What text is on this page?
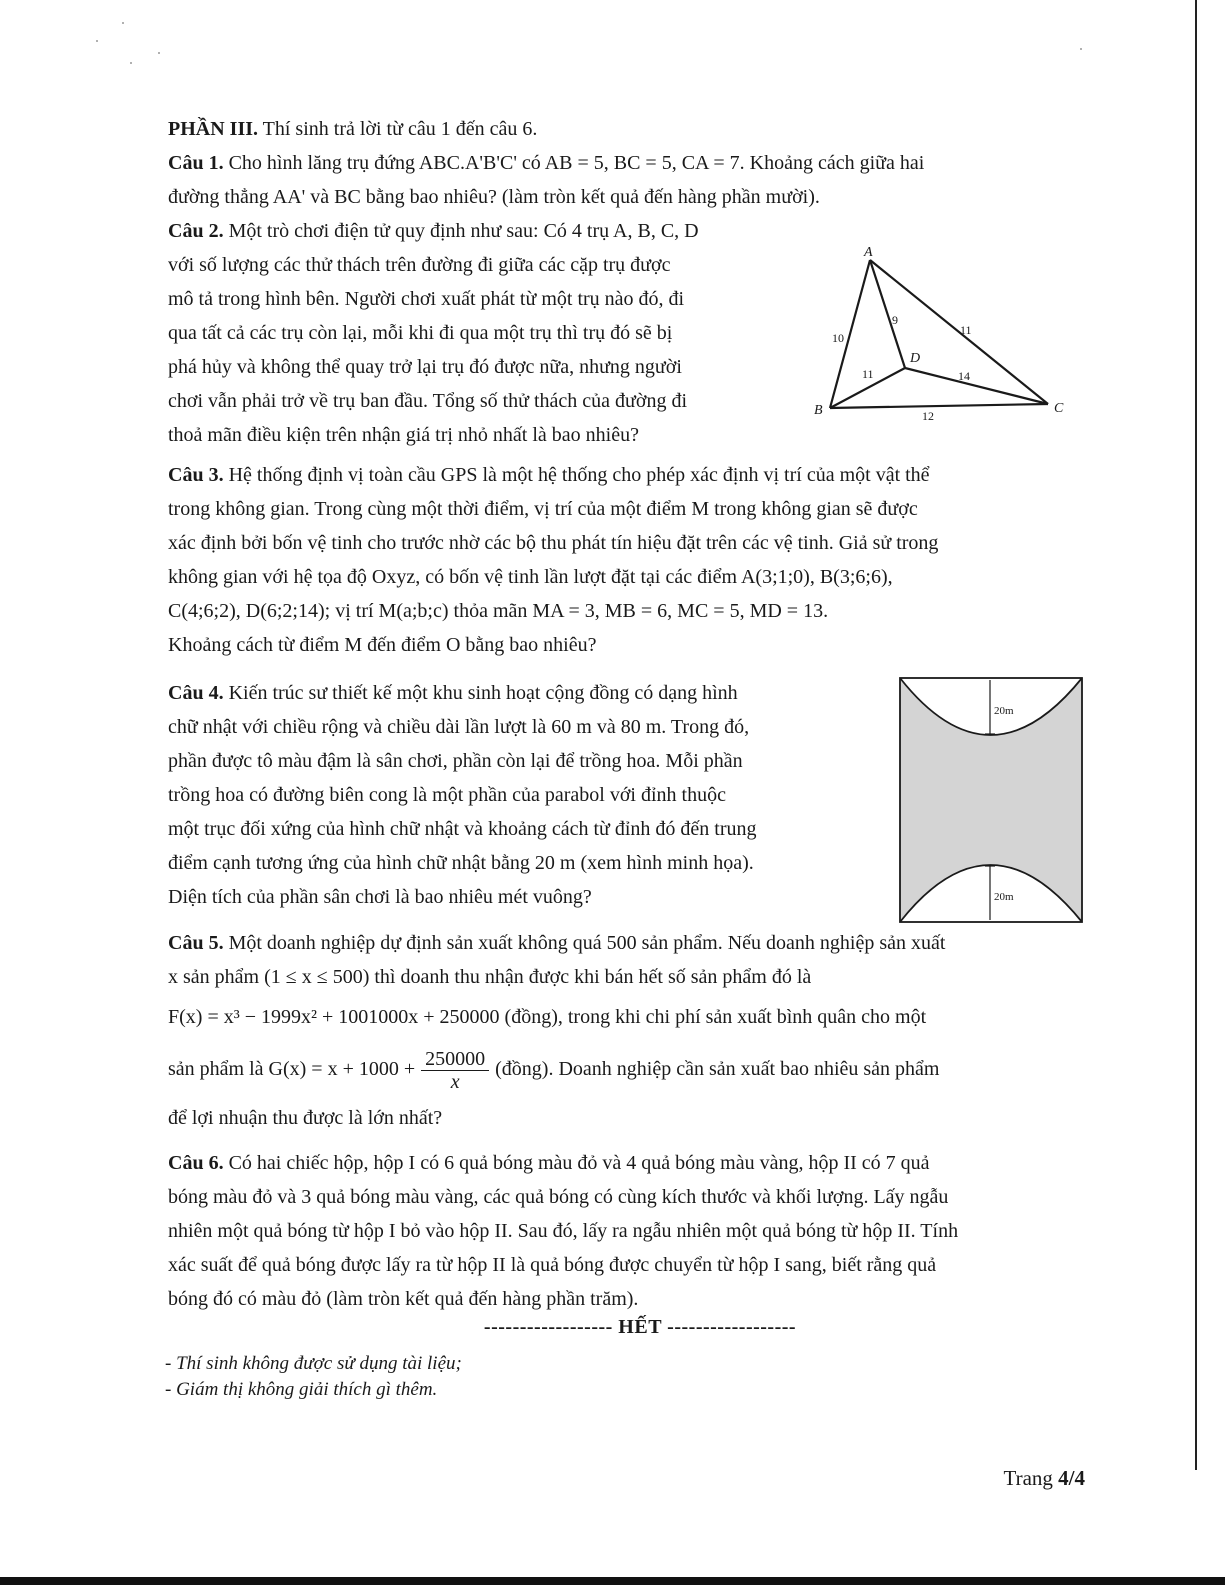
PHẦN III. Thí sinh trả lời từ câu 1 đến câu 6.
Câu 1. Cho hình lăng trụ đứng ABC.A'B'C' có AB = 5, BC = 5, CA = 7. Khoảng cách giữa hai
đường thẳng AA' và BC bằng bao nhiêu? (làm tròn kết quả đến hàng phần mười).
Câu 2. Một trò chơi điện tử quy định như sau: Có 4 trụ A, B, C, D
với số lượng các thử thách trên đường đi giữa các cặp trụ được
mô tả trong hình bên. Người chơi xuất phát từ một trụ nào đó, đi
qua tất cả các trụ còn lại, mỗi khi đi qua một trụ thì trụ đó sẽ bị
phá hủy và không thể quay trở lại trụ đó được nữa, nhưng người
chơi vẫn phải trở về trụ ban đầu. Tổng số thử thách của đường đi
thoả mãn điều kiện trên nhận giá trị nhỏ nhất là bao nhiêu?
A
B	C
D
10
9
11
11	14
12
Câu 3. Hệ thống định vị toàn cầu GPS là một hệ thống cho phép xác định vị trí của một vật thể
trong không gian. Trong cùng một thời điểm, vị trí của một điểm M trong không gian sẽ được
xác định bởi bốn vệ tinh cho trước nhờ các bộ thu phát tín hiệu đặt trên các vệ tinh. Giả sử trong
không gian với hệ tọa độ Oxyz, có bốn vệ tinh lần lượt đặt tại các điểm A(3;1;0), B(3;6;6),
C(4;6;2), D(6;2;14); vị trí M(a;b;c) thỏa mãn MA = 3, MB = 6, MC = 5, MD = 13.
Khoảng cách từ điểm M đến điểm O bằng bao nhiêu?
Câu 4. Kiến trúc sư thiết kế một khu sinh hoạt cộng đồng có dạng hình
chữ nhật với chiều rộng và chiều dài lần lượt là 60 m và 80 m. Trong đó,
phần được tô màu đậm là sân chơi, phần còn lại để trồng hoa. Mỗi phần
trồng hoa có đường biên cong là một phần của parabol với đỉnh thuộc
một trục đối xứng của hình chữ nhật và khoảng cách từ đỉnh đó đến trung
điểm cạnh tương ứng của hình chữ nhật bằng 20 m (xem hình minh họa).
Diện tích của phần sân chơi là bao nhiêu mét vuông?
20m
20m
Câu 5. Một doanh nghiệp dự định sản xuất không quá 500 sản phẩm. Nếu doanh nghiệp sản xuất
x sản phẩm (1 ≤ x ≤ 500) thì doanh thu nhận được khi bán hết số sản phẩm đó là
F(x) = x³ − 1999x² + 1001000x + 250000 (đồng), trong khi chi phí sản xuất bình quân cho một
sản phẩm là $G(x) = x + 1000 + \frac{250000}{x}$ (đồng). Doanh nghiệp cần sản xuất bao nhiêu sản phẩm
để lợi nhuận thu được là lớn nhất?
Câu 6. Có hai chiếc hộp, hộp I có 6 quả bóng màu đỏ và 4 quả bóng màu vàng, hộp II có 7 quả
bóng màu đỏ và 3 quả bóng màu vàng, các quả bóng có cùng kích thước và khối lượng. Lấy ngẫu
nhiên một quả bóng từ hộp I bỏ vào hộp II. Sau đó, lấy ra ngẫu nhiên một quả bóng từ hộp II. Tính
xác suất để quả bóng được lấy ra từ hộp II là quả bóng được chuyển từ hộp I sang, biết rằng quả
bóng đó có màu đỏ (làm tròn kết quả đến hàng phần trăm).
------------------ HẾT ------------------
- Thí sinh không được sử dụng tài liệu;
- Giám thị không giải thích gì thêm.
Trang 4/4
